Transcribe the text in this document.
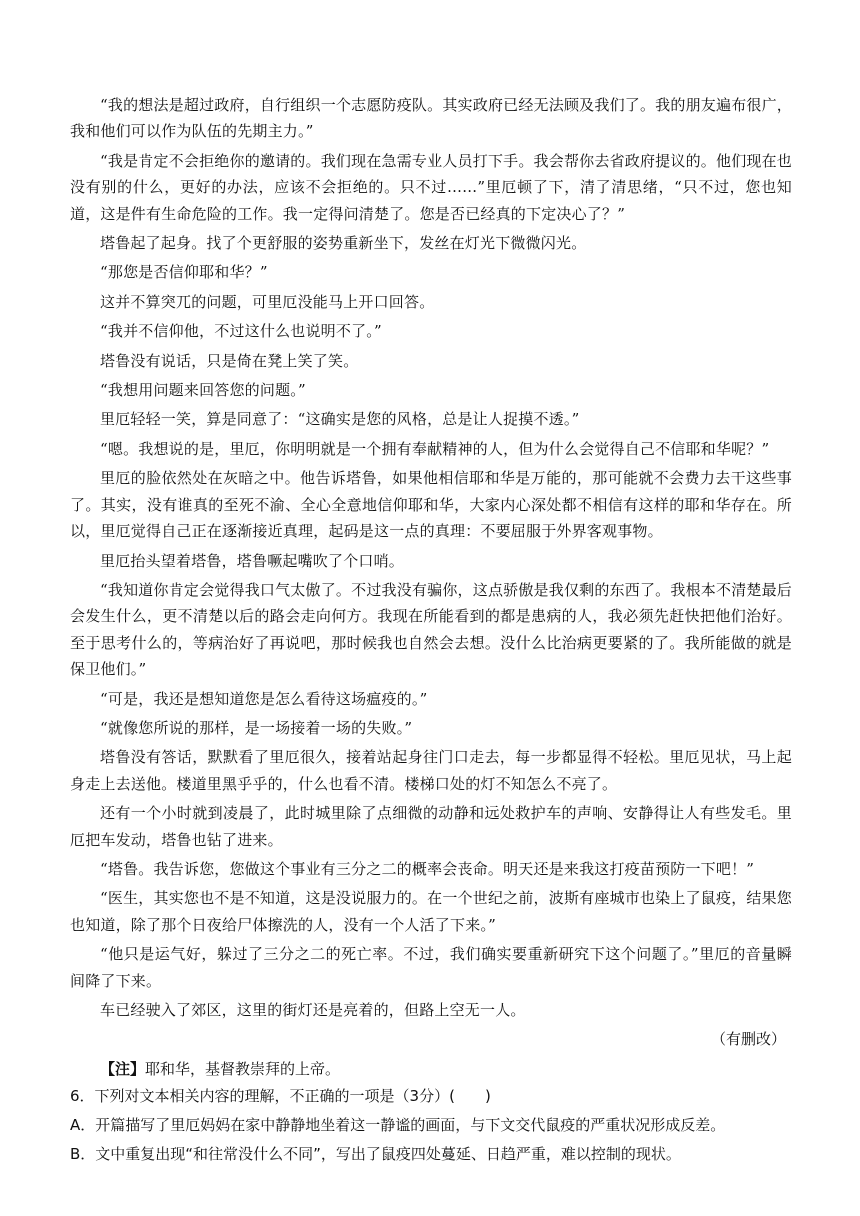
“我的想法是超过政府，自行组织一个志愿防疫队。其实政府已经无法顾及我们了。我的朋友遍布很广，我和他们可以作为队伍的先期主力。”

“我是肯定不会拒绝你的邀请的。我们现在急需专业人员打下手。我会帮你去省政府提议的。他们现在也没有别的什么，更好的办法，应该不会拒绝的。只不过……”里厄顿了下，清了清思绪，“只不过，您也知道，这是件有生命危险的工作。我一定得问清楚了。您是否已经真的下定决心了？”

塔鲁起了起身。找了个更舒服的姿势重新坐下，发丝在灯光下微微闪光。

“那您是否信仰耶和华？”

这并不算突兀的问题，可里厄没能马上开口回答。

“我并不信仰他，不过这什么也说明不了。”

塔鲁没有说话，只是倚在凳上笑了笑。

“我想用问题来回答您的问题。”

里厄轻轻一笑，算是同意了：“这确实是您的风格，总是让人捉摸不透。”

“嗯。我想说的是，里厄，你明明就是一个拥有奉献精神的人，但为什么会觉得自己不信耶和华呢？”

里厄的脸依然处在灰暗之中。他告诉塔鲁，如果他相信耶和华是万能的，那可能就不会费力去干这些事了。其实，没有谁真的至死不渝、全心全意地信仰耶和华，大家内心深处都不相信有这样的耶和华存在。所以，里厄觉得自己正在逐渐接近真理，起码是这一点的真理：不要屈服于外界客观事物。

里厄抬头望着塔鲁，塔鲁噘起嘴吹了个口哨。

“我知道你肯定会觉得我口气太傲了。不过我没有骗你，这点骄傲是我仅剩的东西了。我根本不清楚最后会发生什么，更不清楚以后的路会走向何方。我现在所能看到的都是患病的人，我必须先赶快把他们治好。至于思考什么的，等病治好了再说吧，那时候我也自然会去想。没什么比治病更要紧的了。我所能做的就是保卫他们。”

“可是，我还是想知道您是怎么看待这场瘟疫的。”

“就像您所说的那样，是一场接着一场的失败。”

塔鲁没有答话，默默看了里厄很久，接着站起身往门口走去，每一步都显得不轻松。里厄见状，马上起身走上去送他。楼道里黑乎乎的，什么也看不清。楼梯口处的灯不知怎么不亮了。

还有一个小时就到凌晨了，此时城里除了点细微的动静和远处救护车的声响、安静得让人有些发毛。里厄把车发动，塔鲁也钻了进来。

“塔鲁。我告诉您，您做这个事业有三分之二的概率会丧命。明天还是来我这打疫苗预防一下吧！”

“医生，其实您也不是不知道，这是没说服力的。在一个世纪之前，波斯有座城市也染上了鼠疫，结果您也知道，除了那个日夜给尸体擦洗的人，没有一个人活了下来。”

“他只是运气好，躲过了三分之二的死亡率。不过，我们确实要重新研究下这个问题了。”里厄的音量瞬间降了下来。

车已经驶入了郊区，这里的街灯还是亮着的，但路上空无一人。

（有删改）

【注】耶和华，基督教崇拜的上帝。

6．下列对文本相关内容的理解，不正确的一项是（3分）(　　)

A．开篇描写了里厄妈妈在家中静静地坐着这一静谧的画面，与下文交代鼠疫的严重状况形成反差。

B．文中重复出现“和往常没什么不同”，写出了鼠疫四处蔓延、日趋严重，难以控制的现状。
